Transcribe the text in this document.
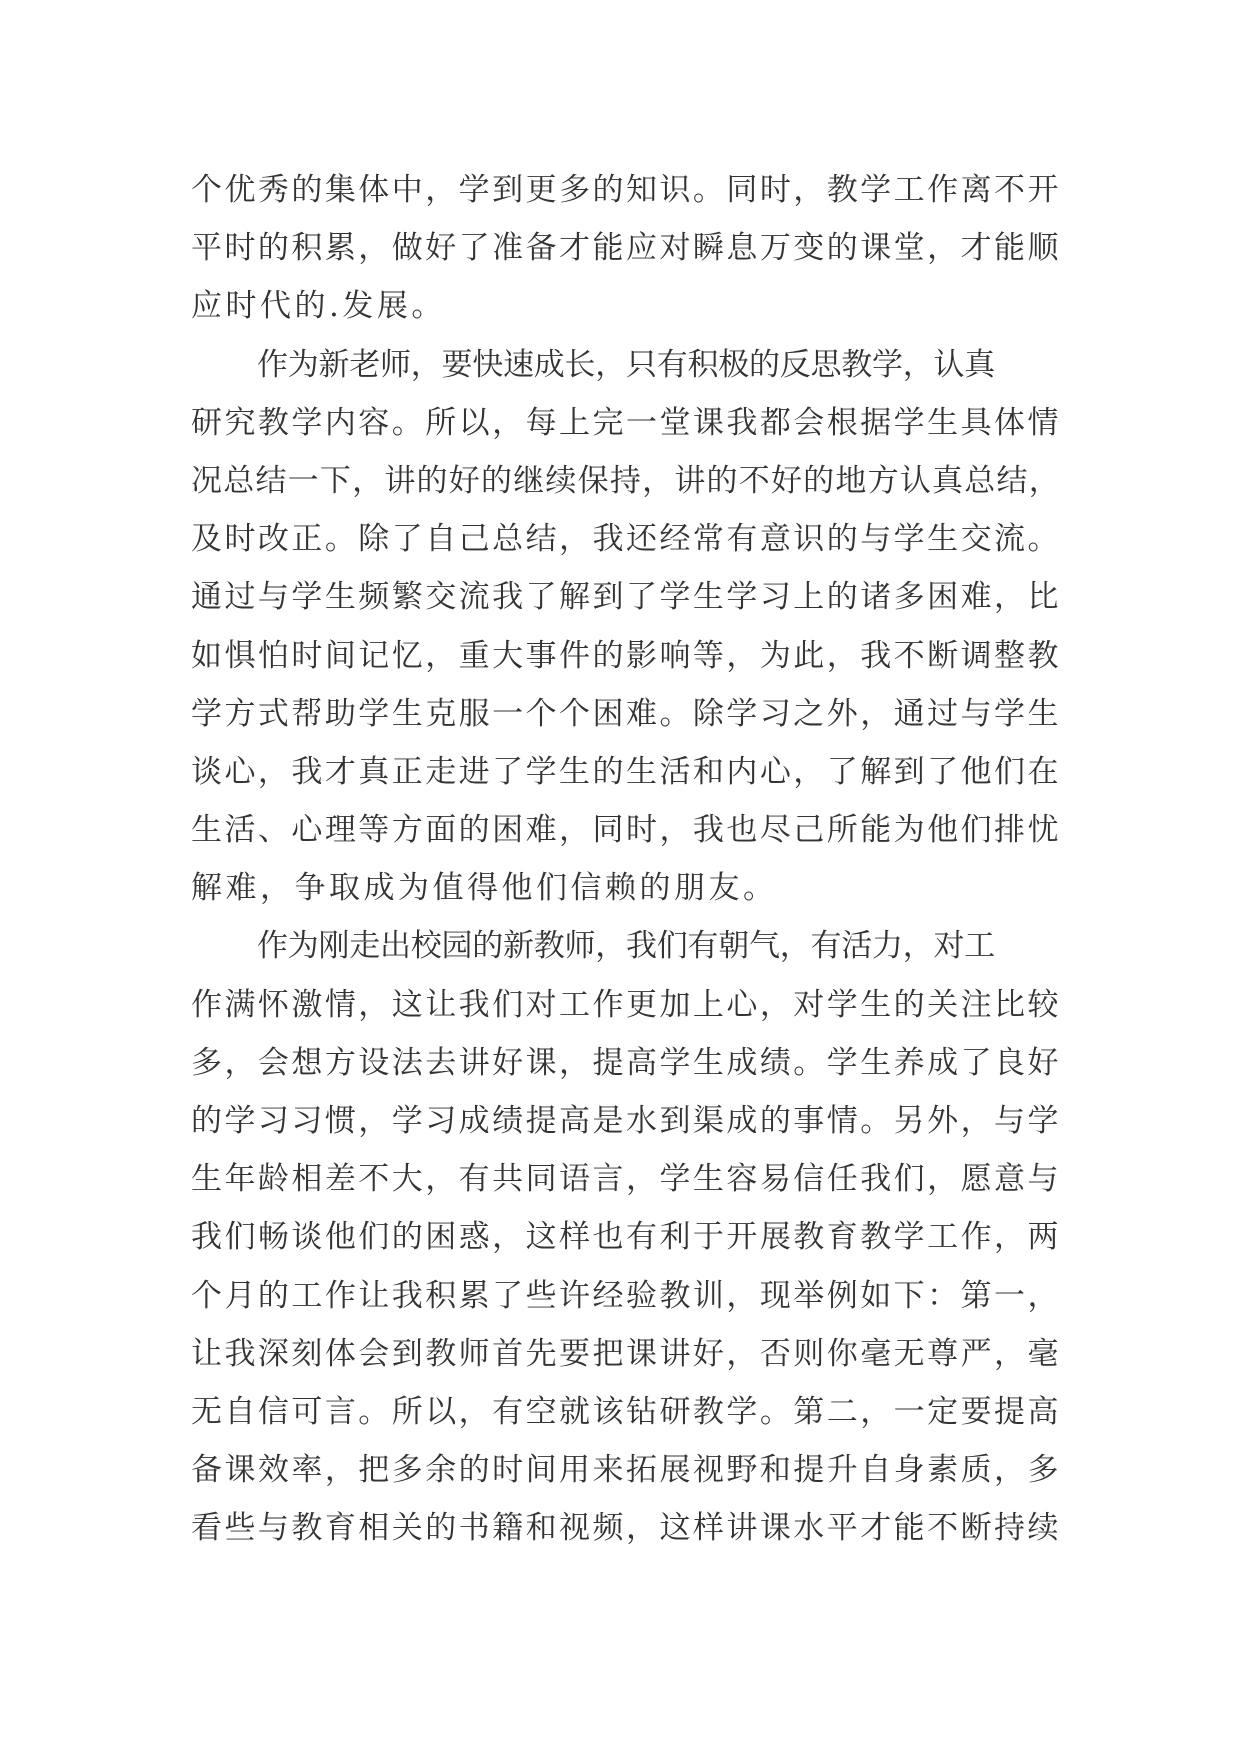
个优秀的集体中，学到更多的知识。同时，教学工作离不开
平时的积累，做好了准备才能应对瞬息万变的课堂，才能顺
应时代的.发展。
作为新老师，要快速成长，只有积极的反思教学，认真
研究教学内容。所以，每上完一堂课我都会根据学生具体情
况总结一下，讲的好的继续保持，讲的不好的地方认真总结，
及时改正。除了自己总结，我还经常有意识的与学生交流。
通过与学生频繁交流我了解到了学生学习上的诸多困难，比
如惧怕时间记忆，重大事件的影响等，为此，我不断调整教
学方式帮助学生克服一个个困难。除学习之外，通过与学生
谈心，我才真正走进了学生的生活和内心，了解到了他们在
生活、心理等方面的困难，同时，我也尽己所能为他们排忧
解难，争取成为值得他们信赖的朋友。
作为刚走出校园的新教师，我们有朝气，有活力，对工
作满怀激情，这让我们对工作更加上心，对学生的关注比较
多，会想方设法去讲好课，提高学生成绩。学生养成了良好
的学习习惯，学习成绩提高是水到渠成的事情。另外，与学
生年龄相差不大，有共同语言，学生容易信任我们，愿意与
我们畅谈他们的困惑，这样也有利于开展教育教学工作，两
个月的工作让我积累了些许经验教训，现举例如下：第一，
让我深刻体会到教师首先要把课讲好，否则你毫无尊严，毫
无自信可言。所以，有空就该钻研教学。第二，一定要提高
备课效率，把多余的时间用来拓展视野和提升自身素质，多
看些与教育相关的书籍和视频，这样讲课水平才能不断持续
